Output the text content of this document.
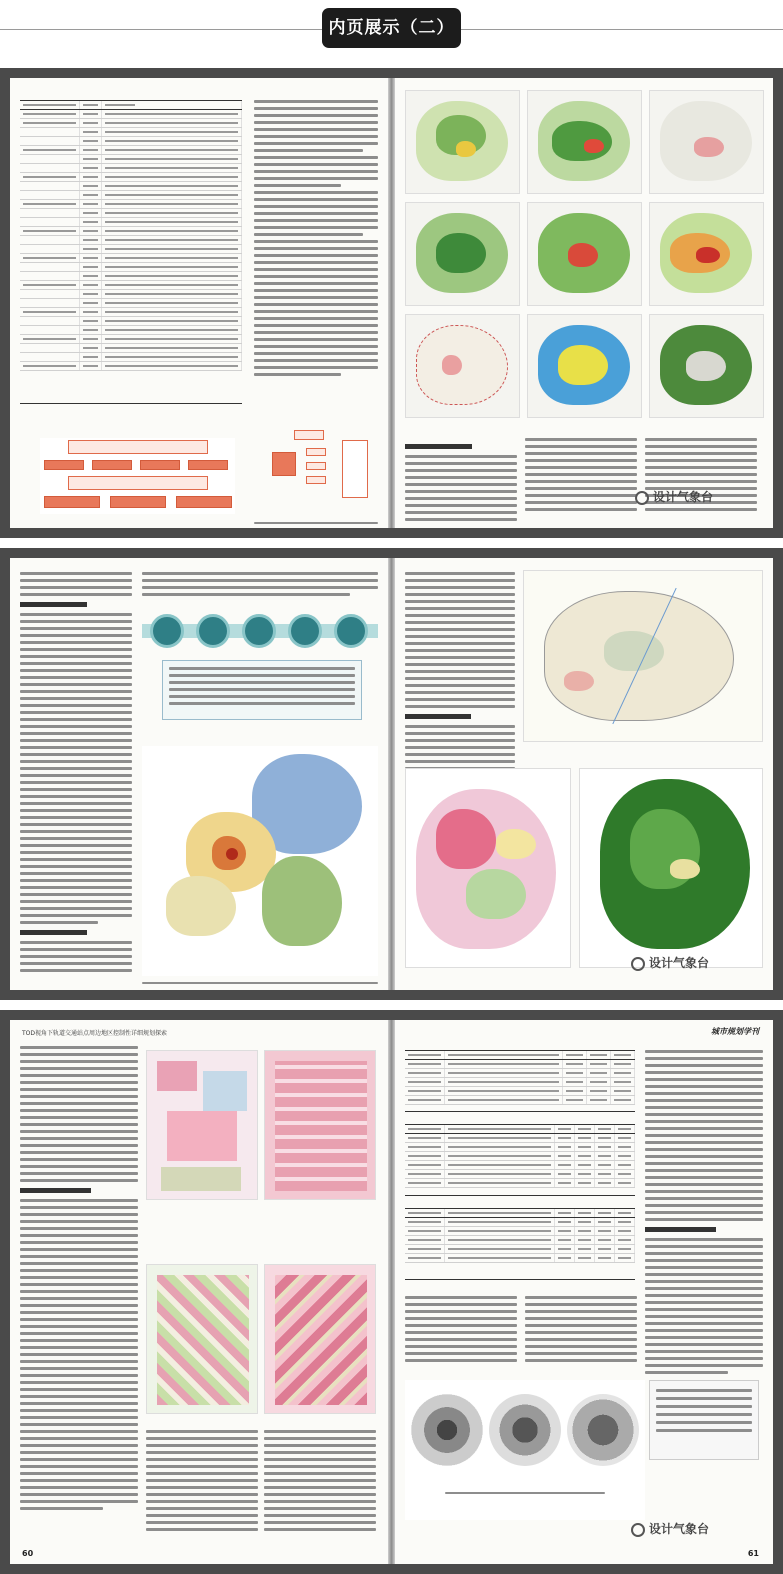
内页展示（二）
设计气象台
设计气象台
TOD视角下轨道交通站点周边地区控制性详细规划探索
60
城市规划学刊
设计气象台
61
